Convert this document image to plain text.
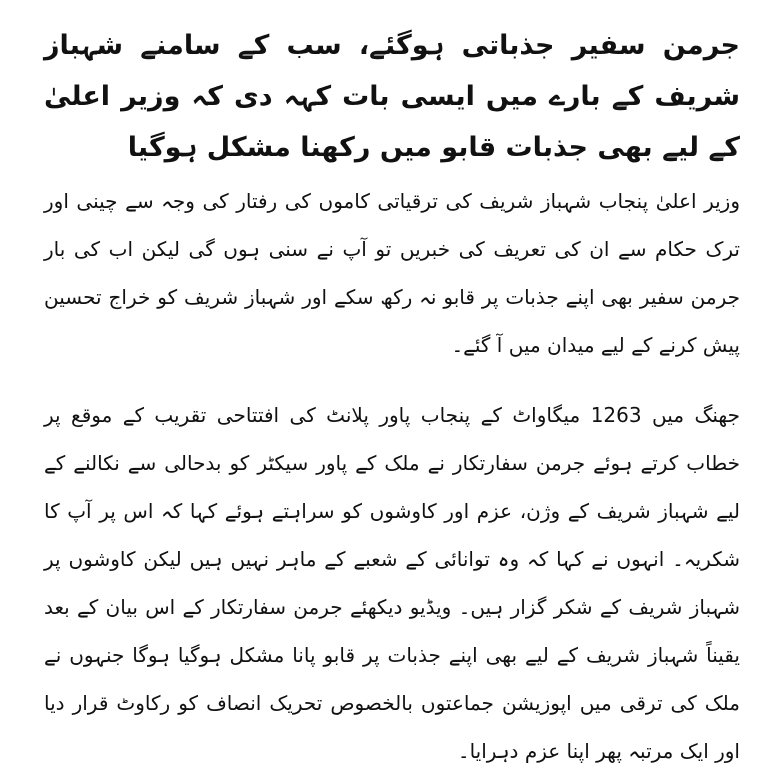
جرمن سفیر جذباتی ہوگئے، سب کے سامنے شہباز شریف کے بارے میں ایسی بات کہہ دی کہ وزیر اعلیٰ کے لیے بھی جذبات قابو میں رکھنا مشکل ہوگیا

وزیر اعلیٰ پنجاب شہباز شریف کی ترقیاتی کاموں کی رفتار کی وجہ سے چینی اور ترک حکام سے ان کی تعریف کی خبریں تو آپ نے سنی ہوں گی لیکن اب کی بار جرمن سفیر بھی اپنے جذبات پر قابو نہ رکھ سکے اور شہباز شریف کو خراج تحسین پیش کرنے کے لیے میدان میں آ گئے۔

جھنگ میں 1263 میگاواٹ کے پنجاب پاور پلانٹ کی افتتاحی تقریب کے موقع پر خطاب کرتے ہوئے جرمن سفارتکار نے ملک کے پاور سیکٹر کو بدحالی سے نکالنے کے لیے شہباز شریف کے وژن، عزم اور کاوشوں کو سراہتے ہوئے کہا کہ اس پر آپ کا شکریہ۔ انہوں نے کہا کہ وہ توانائی کے شعبے کے ماہر نہیں ہیں لیکن کاوشوں پر شہباز شریف کے شکر گزار ہیں۔ ویڈیو دیکھئے جرمن سفارتکار کے اس بیان کے بعد یقیناً شہباز شریف کے لیے بھی اپنے جذبات پر قابو پانا مشکل ہوگیا ہوگا جنہوں نے ملک کی ترقی میں اپوزیشن جماعتوں بالخصوص تحریک انصاف کو رکاوٹ قرار دیا اور ایک مرتبہ پھر اپنا عزم دہرایا۔
